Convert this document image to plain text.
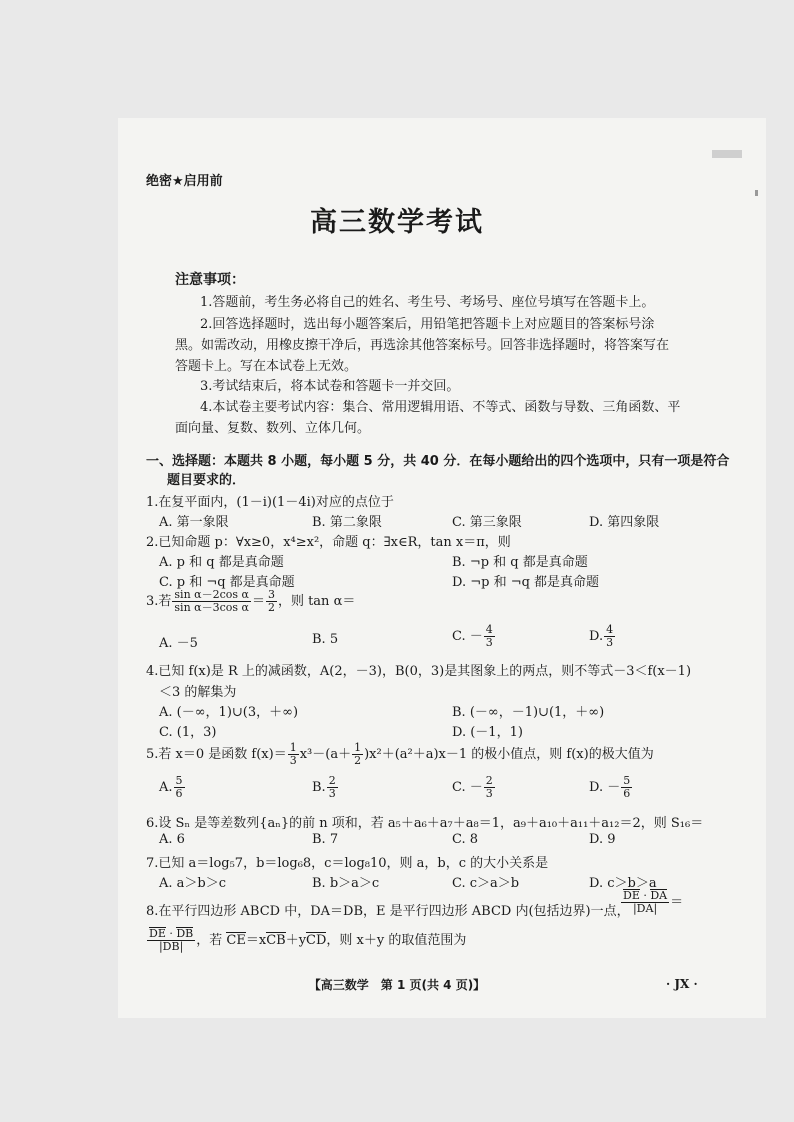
绝密★启用前
高三数学考试
注意事项：
1.答题前，考生务必将自己的姓名、考生号、考场号、座位号填写在答题卡上。
2.回答选择题时，选出每小题答案后，用铅笔把答题卡上对应题目的答案标号涂
黑。如需改动，用橡皮擦干净后，再选涂其他答案标号。回答非选择题时，将答案写在
答题卡上。写在本试卷上无效。
3.考试结束后，将本试卷和答题卡一并交回。
4.本试卷主要考试内容：集合、常用逻辑用语、不等式、函数与导数、三角函数、平
面向量、复数、数列、立体几何。
一、选择题：本题共 8 小题，每小题 5 分，共 40 分．在每小题给出的四个选项中，只有一项是符合
题目要求的．
1.在复平面内，(1－i)(1－4i)对应的点位于
A. 第一象限	B. 第二象限	C. 第三象限	D. 第四象限
2.已知命题 p：∀x≥0，x⁴≥x²，命题 q：∃x∈R，tan x＝π，则
A. p 和 q 都是真命题	B. ¬p 和 q 都是真命题
C. p 和 ¬q 都是真命题	D. ¬p 和 ¬q 都是真命题
3.若 $\frac{\text{sin α－2cos α}}{\text{sin α－3cos α}} = \frac{3}{2}$ ，则 tan α＝
A. －5	B. 5	C. － $\frac{4}{3}$	D. $\frac{4}{3}$
4.已知 f(x)是 R 上的减函数，A(2，－3)，B(0，3)是其图象上的两点，则不等式－3＜f(x－1)
＜3 的解集为
A. (－∞，1)∪(3，＋∞)	B. (－∞，－1)∪(1，＋∞)
C. (1，3)	D. (－1，1)
5.若 x＝0 是函数 $f(x)= \frac{1}{3} x^3-(a+ \frac{1}{2} )x^2+(a^2+a)x-1$ 的极小值点，则 f(x)的极大值为
A. $\frac{5}{6}$	B. $\frac{2}{3}$	C. － $\frac{2}{3}$	D. － $\frac{5}{6}$
6.设 Sₙ 是等差数列{aₙ}的前 n 项和，若 a₅＋a₆＋a₇＋a₈＝1，a₉＋a₁₀＋a₁₁＋a₁₂＝2，则 S₁₆＝
A. 6	B. 7	C. 8	D. 9
7.已知 a＝log₅7，b＝log₆8，c＝log₈10，则 a，b，c 的大小关系是
A. a＞b＞c	B. b＞a＞c	C. c＞a＞b	D. c＞b＞a
8.在平行四边形 ABCD 中，DA＝DB，E 是平行四边形 ABCD 内(包括边界)一点，
$\frac{DE \cdot DA}{|DA|}$ ＝
$\frac{DE \cdot DB}{|DB|}$ ，若 CE＝xCB＋yCD，则 x＋y 的取值范围为
【高三数学　第 1 页(共 4 页)】	· JX ·
